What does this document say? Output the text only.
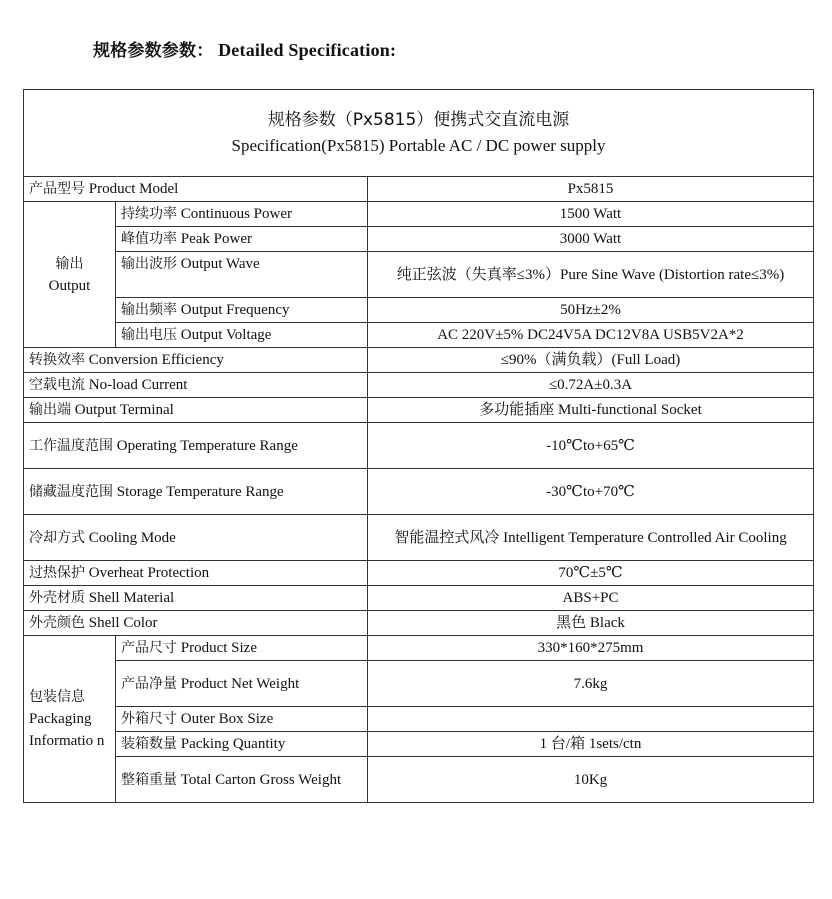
规格参数参数： Detailed Specification:
规格参数（Px5815）便携式交直流电源
Specification(Px5815) Portable AC / DC power supply		

产品型号 Product Model		Px5815

输出
Output	持续功率 Continuous Power	1500 Watt
	峰值功率 Peak Power	3000 Watt
	输出波形 Output Wave	纯正弦波（失真率≤3%）Pure Sine Wave (Distortion rate≤3%)
	输出频率 Output Frequency	50Hz±2%
	输出电压 Output Voltage	AC 220V±5% DC24V5A DC12V8A USB5V2A*2
转换效率 Conversion Efficiency		≤90%（满负载）(Full Load)
空载电流 No-load Current		≤0.72A±0.3A
输出端 Output Terminal		多功能插座 Multi-functional Socket
工作温度范围 Operating Temperature Range		-10℃to+65℃
储藏温度范围 Storage Temperature Range		-30℃to+70℃
冷却方式 Cooling Mode		智能温控式风冷 Intelligent Temperature Controlled Air Cooling
过热保护 Overheat Protection		70℃±5℃
外壳材质 Shell Material		ABS+PC
外壳颜色 Shell Color		黑色 Black

包装信息
Packaging Informatio n	产品尺寸 Product Size	330*160*275mm
	产品净量 Product Net Weight	7.6kg
	外箱尺寸 Outer Box Size	
	装箱数量 Packing Quantity	1 台/箱 1sets/ctn
	整箱重量 Total Carton Gross Weight	10Kg
